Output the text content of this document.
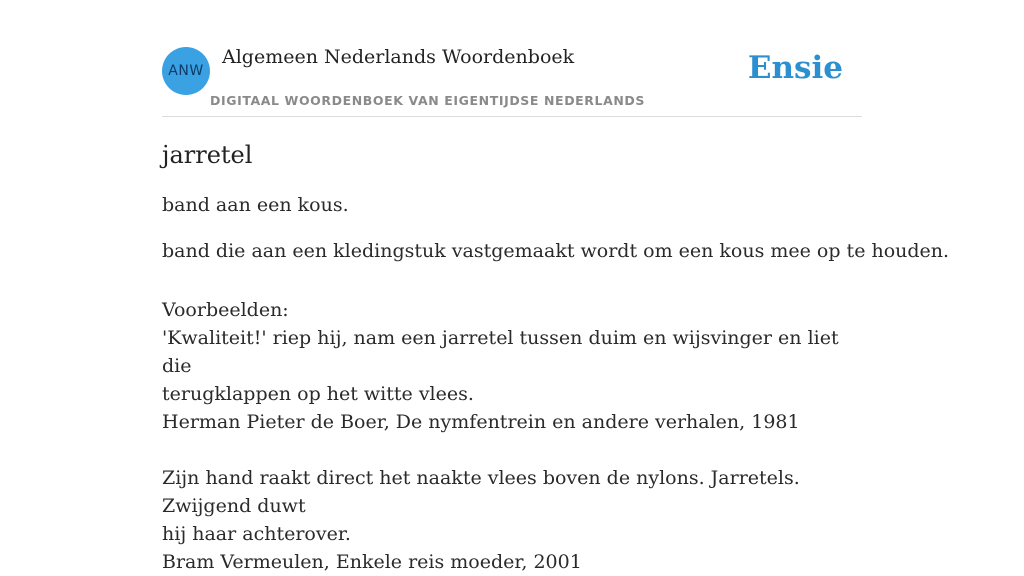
ANW
Algemeen Nederlands Woordenboek
DIGITAAL WOORDENBOEK VAN EIGENTIJDSE NEDERLANDS
Ensie
jarretel

band aan een kous.

band die aan een kledingstuk vastgemaakt wordt om een kous mee op te houden.

Voorbeelden:

'Kwaliteit!' riep hij, nam een jarretel tussen duim en wijsvinger en liet die

terugklappen op het witte vlees.

Herman Pieter de Boer, De nymfentrein en andere verhalen, 1981

Zijn hand raakt direct het naakte vlees boven de nylons. Jarretels. Zwijgend duwt

hij haar achterover.

Bram Vermeulen, Enkele reis moeder, 2001
